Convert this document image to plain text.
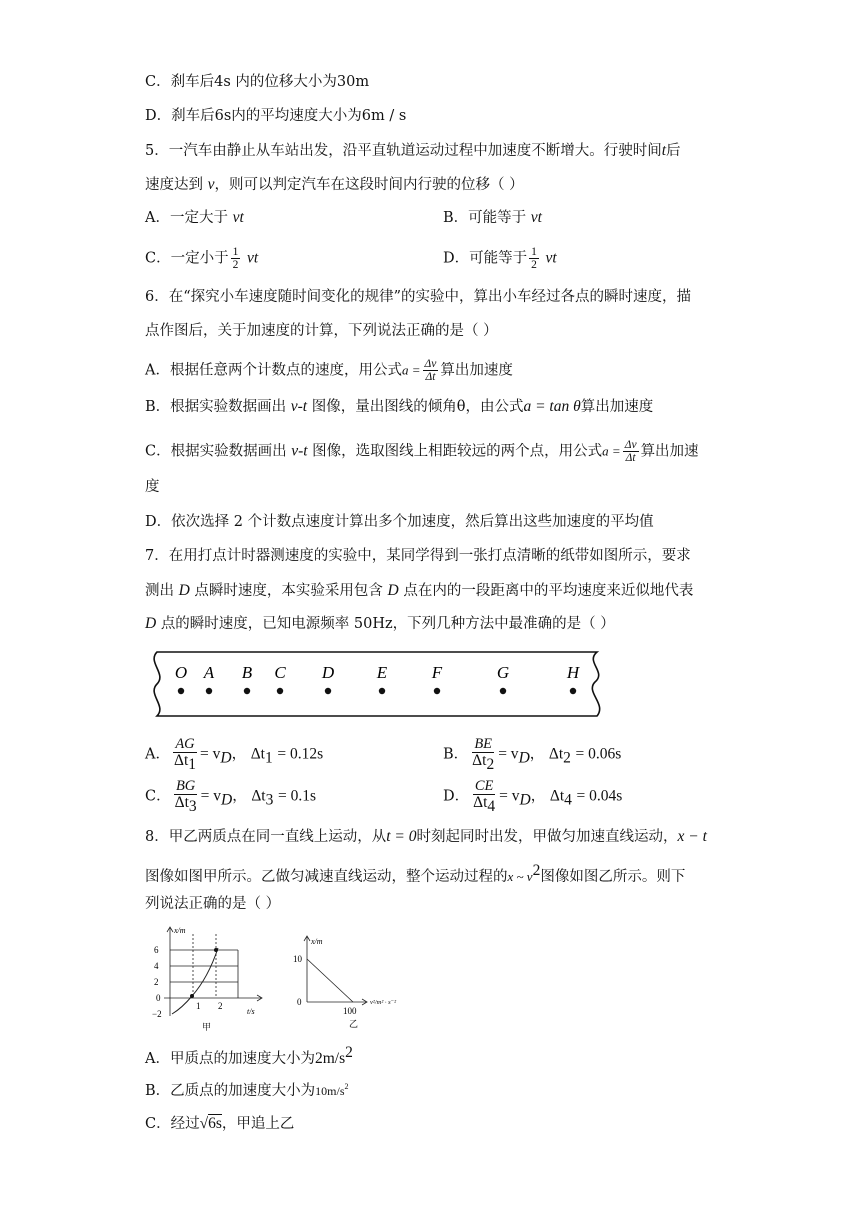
C．刹车后4s 内的位移大小为30m
D．刹车后6s内的平均速度大小为6m / s
5．一汽车由静止从车站出发，沿平直轨道运动过程中加速度不断增大。行驶时间t后
速度达到 v，则可以判定汽车在这段时间内行驶的位移（ ）
A．一定大于 vt	B．可能等于 vt
C．一定小于 $\frac{1}{2}$ vt	D．可能等于 $\frac{1}{2}$ vt
6．在“探究小车速度随时间变化的规律”的实验中，算出小车经过各点的瞬时速度，描
点作图后，关于加速度的计算，下列说法正确的是（ ）
A．根据任意两个计数点的速度，用公式$a = \frac{\Delta v}{\Delta t}$ 算出加速度
B．根据实验数据画出 v-t 图像，量出图线的倾角θ，由公式a = tan θ算出加速度
C．根据实验数据画出 v-t 图像，选取图线上相距较远的两个点，用公式$a = \frac{\Delta v}{\Delta t}$ 算出加速
度
D．依次选择 2 个计数点速度计算出多个加速度，然后算出这些加速度的平均值
7．在用打点计时器测速度的实验中，某同学得到一张打点清晰的纸带如图所示，要求
测出 D 点瞬时速度，本实验采用包含 D 点在内的一段距离中的平均速度来近似地代表
D 点的瞬时速度，已知电源频率 50Hz，下列几种方法中最准确的是（ ）
O A B C D	E	F	G	H
A． $\frac{AG}{\Delta t_1} = v_D$， $\Delta t_1 = 0.12s$	B． $\frac{BE}{\Delta t_2} = v_D$， $\Delta t_2 = 0.06s$
C． $\frac{BG}{\Delta t_3} = v_D$， $\Delta t_3 = 0.1s$	D． $\frac{CE}{\Delta t_4} = v_D$， $\Delta t_4 = 0.04s$
8．甲乙两质点在同一直线上运动，从t = 0时刻起同时出发，甲做匀加速直线运动，x − t
图像如图甲所示。乙做匀减速直线运动，整个运动过程的x ~ $v^2$图像如图乙所示。则下
列说法正确的是（ ）
x/m
6
4
2
0
−2
1 2
t/s
甲
x/m
10
0
100
v²/m² · s⁻²
乙
A．甲质点的加速度大小为$2m/s^2$
B．乙质点的加速度大小为$10m/s^2$
C．经过√6s，甲追上乙
